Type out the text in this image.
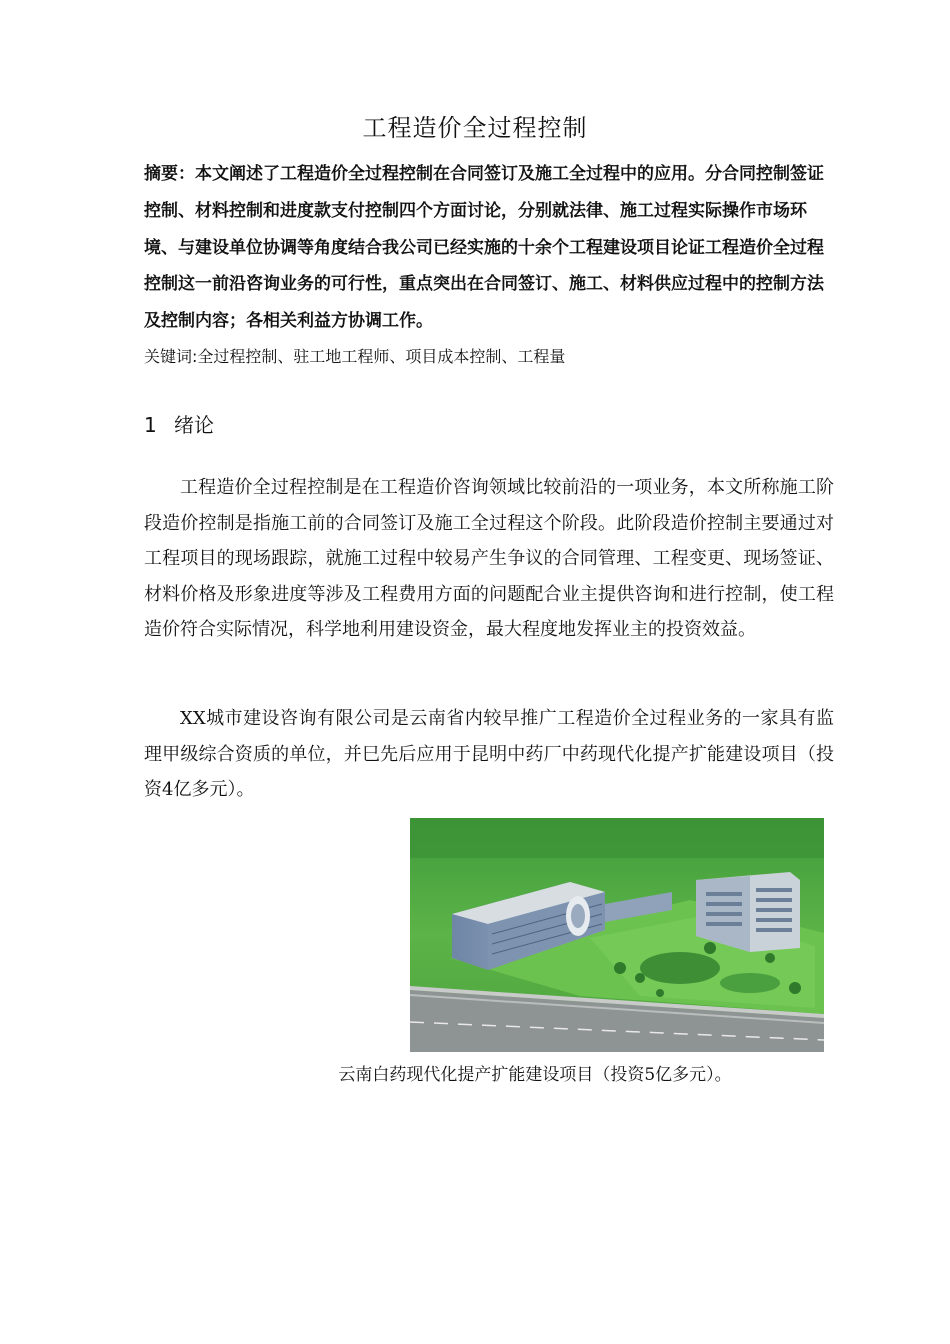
工程造价全过程控制
摘要：本文阐述了工程造价全过程控制在合同签订及施工全过程中的应用。分合同控制签证控制、材料控制和进度款支付控制四个方面讨论，分别就法律、施工过程实际操作市场环境、与建设单位协调等角度结合我公司已经实施的十余个工程建设项目论证工程造价全过程控制这一前沿咨询业务的可行性，重点突出在合同签订、施工、材料供应过程中的控制方法及控制内容；各相关利益方协调工作。
关键词:全过程控制、驻工地工程师、项目成本控制、工程量
1 绪论
工程造价全过程控制是在工程造价咨询领域比较前沿的一项业务，本文所称施工阶段造价控制是指施工前的合同签订及施工全过程这个阶段。此阶段造价控制主要通过对工程项目的现场跟踪，就施工过程中较易产生争议的合同管理、工程变更、现场签证、材料价格及形象进度等涉及工程费用方面的问题配合业主提供咨询和进行控制，使工程造价符合实际情况，科学地利用建设资金，最大程度地发挥业主的投资效益。
XX城市建设咨询有限公司是云南省内较早推广工程造价全过程业务的一家具有监理甲级综合资质的单位，并巳先后应用于昆明中药厂中药现代化提产扩能建设项目（投资4亿多元）。
云南白药现代化提产扩能建设项目（投资5亿多元）。
